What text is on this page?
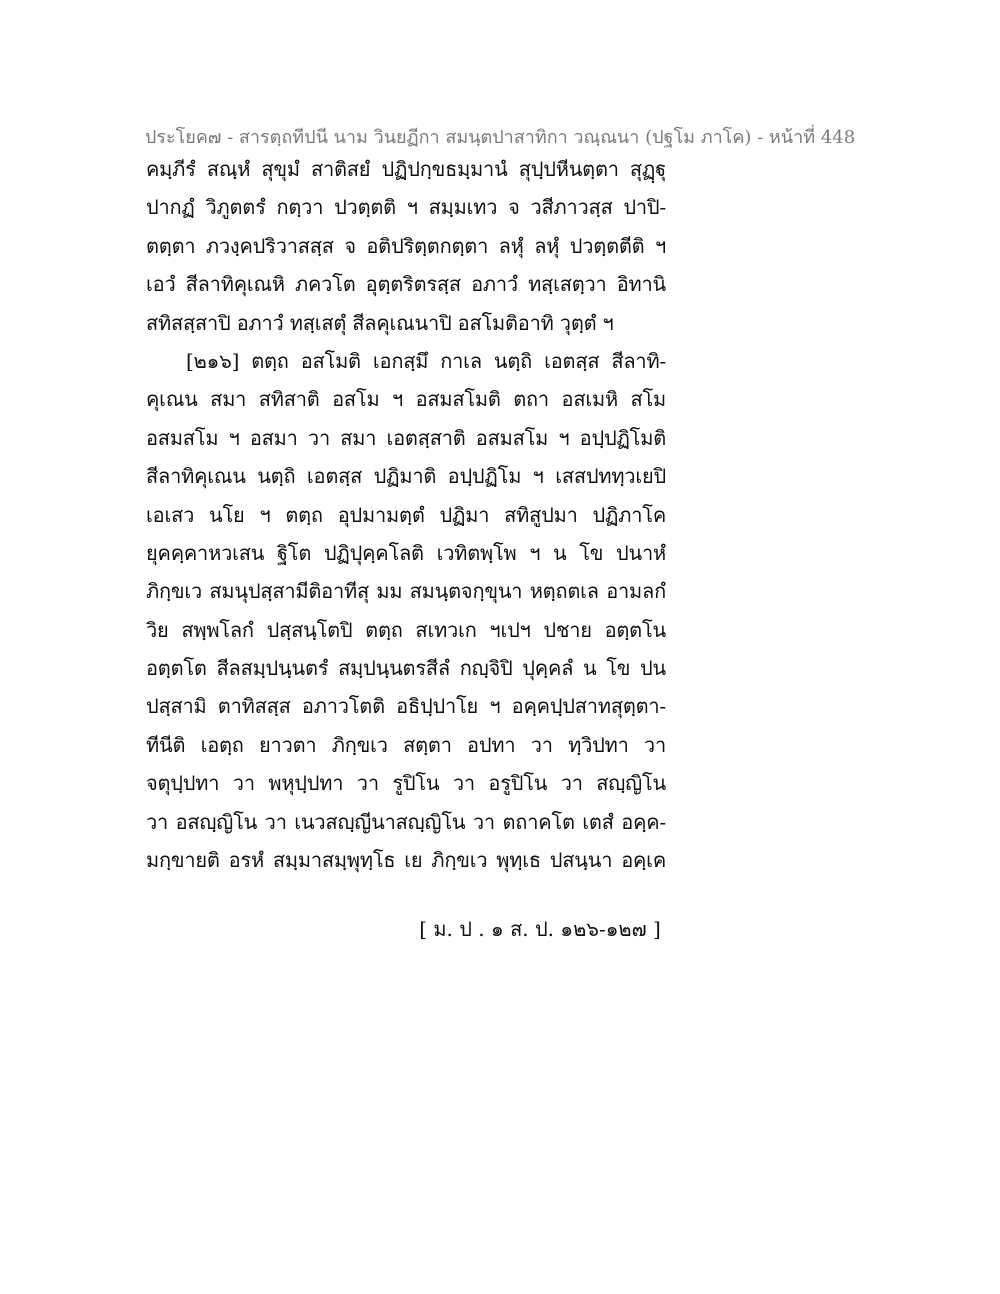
ประโยค๗ - สารตฺถทีปนี นาม วินยฏีกา สมนฺตปาสาทิกา วณฺณนา (ปฐโม ภาโค) - หน้าที่ 448
คมฺภีรํ สณฺหํ สุขุมํ สาติสยํ ปฏิปกฺขธมฺมานํ สุปฺปหีนตฺตา สุฏฺฐุ
ปากฏํ วิภูตตรํ กตฺวา ปวตฺตติ ฯ สมฺมเทว จ วสีภาวสฺส ปาปิ-
ตตฺตา ภวงฺคปริวาสสฺส จ อติปริตฺตกตฺตา ลหุํ ลหุํ ปวตฺตตีติ ฯ
เอวํ สีลาทิคุเณหิ ภควโต อุตฺตริตรสฺส อภาวํ ทสฺเสตฺวา อิทานิ
สทิสสฺสาปิ อภาวํ ทสฺเสตุํ สีลคุเณนาปิ อสโมติอาทิ วุตฺตํ ฯ
[๒๑๖] ตตฺถ อสโมติ เอกสฺมึ กาเล นตฺถิ เอตสฺส สีลาทิ-
คุเณน สมา สทิสาติ อสโม ฯ อสมสโมติ ตถา อสเมหิ สโม
อสมสโม ฯ อสมา วา สมา เอตสฺสาติ อสมสโม ฯ อปฺปฏิโมติ
สีลาทิคุเณน นตฺถิ เอตสฺส ปฏิมาติ อปฺปฏิโม ฯ เสสปททฺวเยปิ
เอเสว นโย ฯ ตตฺถ อุปมามตฺตํ ปฏิมา สทิสูปมา ปฏิภาโค
ยุคคฺคาหวเสน ฐิโต ปฏิปุคฺคโลติ เวทิตพฺโพ ฯ น โข ปนาหํ
ภิกฺขเว สมนุปสฺสามีติอาทีสุ มม สมนฺตจกฺขุนา หตฺถตเล อามลกํ
วิย สพฺพโลกํ ปสฺสนฺโตปิ ตตฺถ สเทวเก ฯเปฯ ปชาย อตฺตโน
อตฺตโต สีลสมฺปนฺนตรํ สมฺปนฺนตรสีลํ กญฺจิปิ ปุคฺคลํ น โข ปน
ปสฺสามิ ตาทิสสฺส อภาวโตติ อธิปฺปาโย ฯ อคฺคปฺปสาทสุตฺตา-
ทีนีติ เอตฺถ ยาวตา ภิกฺขเว สตฺตา อปทา วา ทฺวิปทา วา
จตุปฺปทา วา พหุปฺปทา วา รูปิโน วา อรูปิโน วา สญฺญิโน
วา อสญฺญิโน วา เนวสญฺญีนาสญฺญิโน วา ตถาคโต เตสํ อคฺค-
มกฺขายติ อรหํ สมฺมาสมฺพุทฺโธ เย ภิกฺขเว พุทฺเธ ปสนฺนา อคฺเค
[ ม. ป . ๑ ส. ป. ๑๒๖-๑๒๗ ]
